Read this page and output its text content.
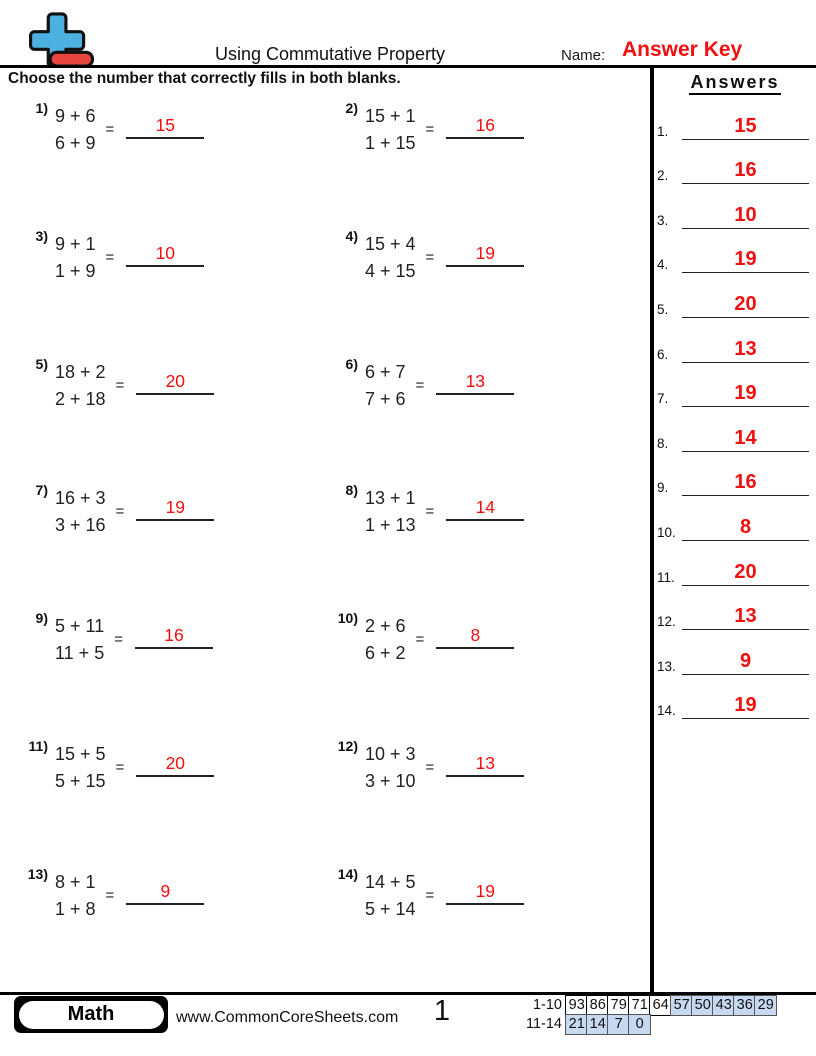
Using Commutative Property	Name: Answer Key
Choose the number that correctly fills in both blanks.
1) 9 + 6
6 + 9
=	15
2) 15 + 1
1 + 15
=	16
3) 9 + 1
1 + 9
=	10
4) 15 + 4
4 + 15
=	19
5) 18 + 2
2 + 18
=	20
6) 6 + 7
7 + 6
=	13
7) 16 + 3
3 + 16
=	19
8) 13 + 1
1 + 13
=	14
9) 5 + 11
11 + 5
=	16
10) 2 + 6
6 + 2
=	8
11) 15 + 5
5 + 15
=	20
12) 10 + 3
3 + 10
=	13
13) 8 + 1
1 + 8
=	9
14) 14 + 5
5 + 14
=	19
Answers
1.	15
2.	16
3.	10
4.	19
5.	20
6.	13
7.	19
8.	14
9.	16
10.	8
11.	20
12.	13
13.	9
14.	19
Math	www.CommonCoreSheets.com	1	1-10 93 86 79 71 64 57 50 43 36 29
11-14 21 14 7 0
